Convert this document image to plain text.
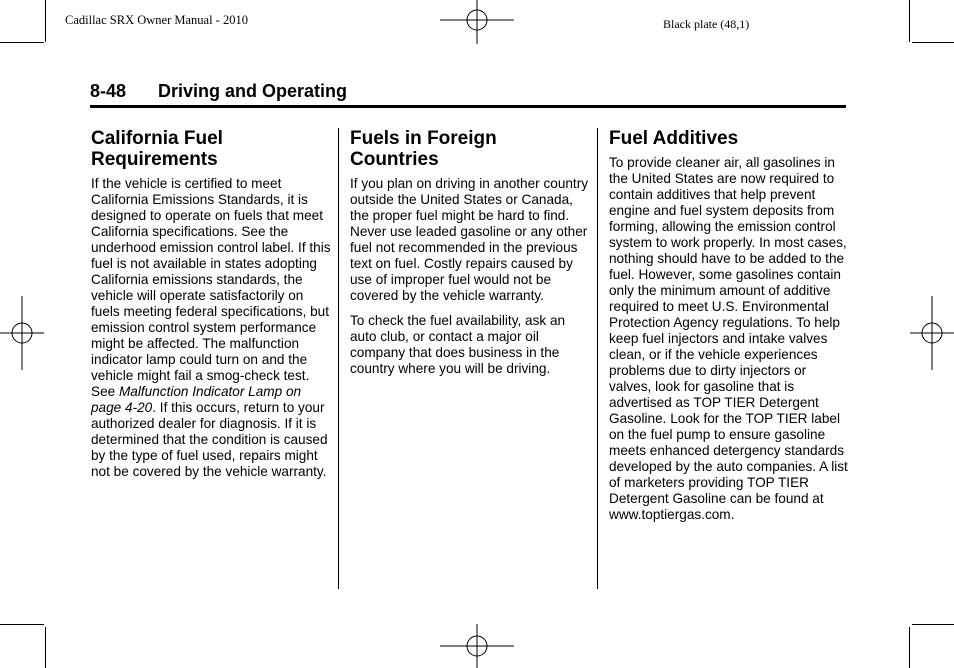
Cadillac SRX Owner Manual - 2010	Black plate (48,1)
8-48 Driving and Operating
California Fuel Requirements

If the vehicle is certified to meet California Emissions Standards, it is designed to operate on fuels that meet California specifications. See the underhood emission control label. If this fuel is not available in states adopting California emissions standards, the vehicle will operate satisfactorily on fuels meeting federal specifications, but emission control system performance might be affected. The malfunction indicator lamp could turn on and the vehicle might fail a smog-check test. See Malfunction Indicator Lamp on page 4‑20. If this occurs, return to your authorized dealer for diagnosis. If it is determined that the condition is caused by the type of fuel used, repairs might not be covered by the vehicle warranty.

Fuels in Foreign Countries

If you plan on driving in another country outside the United States or Canada, the proper fuel might be hard to find. Never use leaded gasoline or any other fuel not recommended in the previous text on fuel. Costly repairs caused by use of improper fuel would not be covered by the vehicle warranty.

To check the fuel availability, ask an auto club, or contact a major oil company that does business in the country where you will be driving.

Fuel Additives

To provide cleaner air, all gasolines in the United States are now required to contain additives that help prevent engine and fuel system deposits from forming, allowing the emission control system to work properly. In most cases, nothing should have to be added to the fuel. However, some gasolines contain only the minimum amount of additive required to meet U.S. Environmental Protection Agency regulations. To help keep fuel injectors and intake valves clean, or if the vehicle experiences problems due to dirty injectors or valves, look for gasoline that is advertised as TOP TIER Detergent Gasoline. Look for the TOP TIER label on the fuel pump to ensure gasoline meets enhanced detergency standards developed by the auto companies. A list of marketers providing TOP TIER Detergent Gasoline can be found at www.toptiergas.com.
